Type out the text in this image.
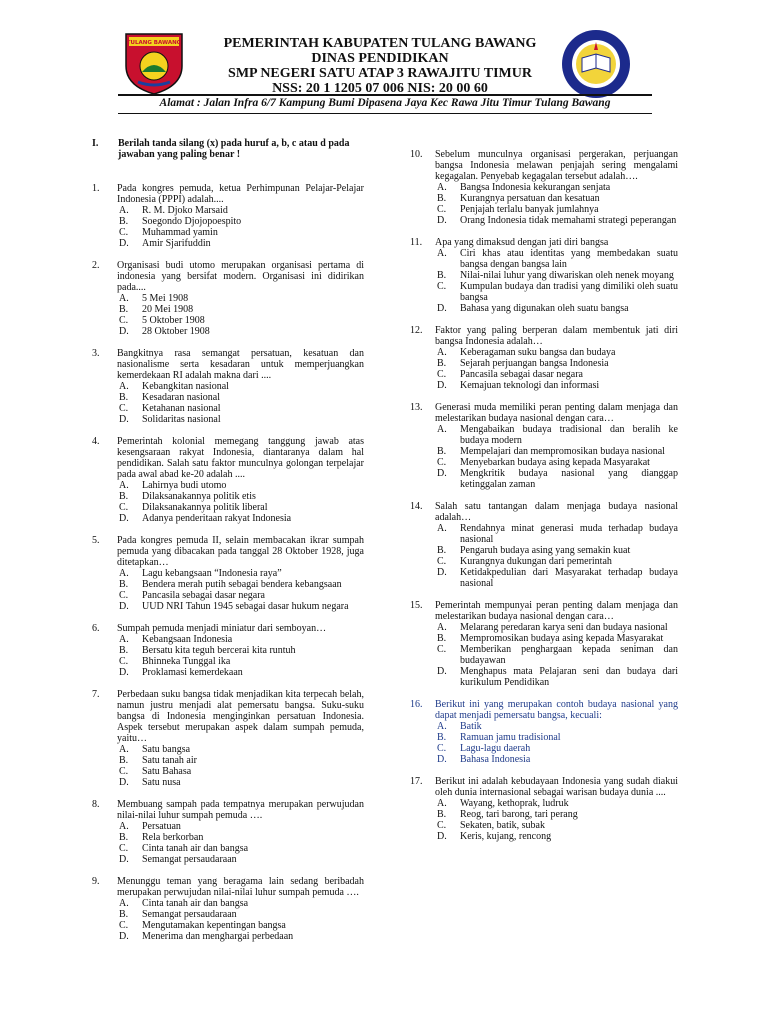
TULANG BAWANG	PEMERINTAH KABUPATEN TULANG BAWANG
DINAS PENDIDIKAN
SMP NEGERI SATU ATAP 3 RAWAJITU TIMUR
NSS: 20 1 1205 07 006 NIS: 20 00 60
Alamat : Jalan Infra 6/7 Kampung Bumi Dipasena Jaya Kec Rawa Jitu Timur Tulang Bawang
I.	Berilah tanda silang (x) pada huruf a, b, c atau d pada jawaban yang paling benar !
1.	Pada kongres pemuda, ketua Perhimpunan Pelajar-Pelajar Indonesia (PPPI) adalah....
A.	R. M. Djoko Marsaid
B.	Soegondo Djojopoespito
C.	Muhammad yamin
D.	Amir Sjarifuddin
2.	Organisasi budi utomo merupakan organisasi pertama di indonesia yang bersifat modern. Organisasi ini didirikan pada....
A.	5 Mei 1908
B.	20 Mei 1908
C.	5 Oktober 1908
D.	28 Oktober 1908
3.	Bangkitnya rasa semangat persatuan, kesatuan dan nasionalisme serta kesadaran untuk memperjuangkan kemerdekaan RI adalah makna dari ....
A.	Kebangkitan nasional
B.	Kesadaran nasional
C.	Ketahanan nasional
D.	Solidaritas nasional
4.	Pemerintah kolonial memegang tanggung jawab atas kesengsaraan rakyat Indonesia, diantaranya dalam hal pendidikan. Salah satu faktor munculnya golongan terpelajar pada awal abad ke-20 adalah ....
A.	Lahirnya budi utomo
B.	Dilaksanakannya politik etis
C.	Dilaksanakannya politik liberal
D.	Adanya penderitaan rakyat Indonesia
5.	Pada kongres pemuda II, selain membacakan ikrar sumpah pemuda yang dibacakan pada tanggal 28 Oktober 1928, juga ditetapkan…
A.	Lagu kebangsaan “Indonesia raya”
B.	Bendera merah putih sebagai bendera kebangsaan
C.	Pancasila sebagai dasar negara
D.	UUD NRI Tahun 1945 sebagai dasar hukum negara
6.	Sumpah pemuda menjadi miniatur dari semboyan…
A.	Kebangsaan Indonesia
B.	Bersatu kita teguh bercerai kita runtuh
C.	Bhinneka Tunggal ika
D.	Proklamasi kemerdekaan
7.	Perbedaan suku bangsa tidak menjadikan kita terpecah belah, namun justru menjadi alat pemersatu bangsa. Suku-suku bangsa di Indonesia menginginkan persatuan Indonesia. Aspek tersebut merupakan aspek dalam sumpah pemuda, yaitu…
A.	Satu bangsa
B.	Satu tanah air
C.	Satu Bahasa
D.	Satu nusa
8.	Membuang sampah pada tempatnya merupakan perwujudan nilai-nilai luhur sumpah pemuda ….
A.	Persatuan
B.	Rela berkorban
C.	Cinta tanah air dan bangsa
D.	Semangat persaudaraan
9.	Menunggu teman yang beragama lain sedang beribadah merupakan perwujudan nilai-nilai luhur sumpah pemuda ….
A.	Cinta tanah air dan bangsa
B.	Semangat persaudaraan
C.	Mengutamakan kepentingan bangsa
D.	Menerima dan menghargai perbedaan
10.	Sebelum munculnya organisasi pergerakan, perjuangan bangsa Indonesia melawan penjajah sering mengalami kegagalan. Penyebab kegagalan tersebut adalah….
A.	Bangsa Indonesia kekurangan senjata
B.	Kurangnya persatuan dan kesatuan
C.	Penjajah terlalu banyak jumlahnya
D.	Orang Indonesia tidak memahami strategi peperangan
11.	Apa yang dimaksud dengan jati diri bangsa
A.	Ciri khas atau identitas yang membedakan suatu bangsa dengan bangsa lain
B.	Nilai-nilai luhur yang diwariskan oleh nenek moyang
C.	Kumpulan budaya dan tradisi yang dimiliki oleh suatu bangsa
D.	Bahasa yang digunakan oleh suatu bangsa
12.	Faktor yang paling berperan dalam membentuk jati diri bangsa Indonesia adalah…
A.	Keberagaman suku bangsa dan budaya
B.	Sejarah perjuangan bangsa Indonesia
C.	Pancasila sebagai dasar negara
D.	Kemajuan teknologi dan informasi
13.	Generasi muda memiliki peran penting dalam menjaga dan melestarikan budaya nasional dengan cara…
A.	Mengabaikan budaya tradisional dan beralih ke budaya modern
B.	Mempelajari dan mempromosikan budaya nasional
C.	Menyebarkan budaya asing kepada Masyarakat
D.	Mengkritik budaya nasional yang dianggap ketinggalan zaman
14.	Salah satu tantangan dalam menjaga budaya nasional adalah…
A.	Rendahnya minat generasi muda terhadap budaya nasional
B.	Pengaruh budaya asing yang semakin kuat
C.	Kurangnya dukungan dari pemerintah
D.	Ketidakpedulian dari Masyarakat terhadap budaya nasional
15.	Pemerintah mempunyai peran penting dalam menjaga dan melestarikan budaya nasional dengan cara…
A.	Melarang peredaran karya seni dan budaya nasional
B.	Mempromosikan budaya asing kepada Masyarakat
C.	Memberikan penghargaan kepada seniman dan budayawan
D.	Menghapus mata Pelajaran seni dan budaya dari kurikulum Pendidikan
16.	Berikut ini yang merupakan contoh budaya nasional yang dapat menjadi pemersatu bangsa, kecuali:
A.	Batik
B.	Ramuan jamu tradisional
C.	Lagu-lagu daerah
D.	Bahasa Indonesia
17.	Berikut ini adalah kebudayaan Indonesia yang sudah diakui oleh dunia internasional sebagai warisan budaya dunia ....
A.	Wayang, kethoprak, ludruk
B.	Reog, tari barong, tari perang
C.	Sekaten, batik, subak
D.	Keris, kujang, rencong
